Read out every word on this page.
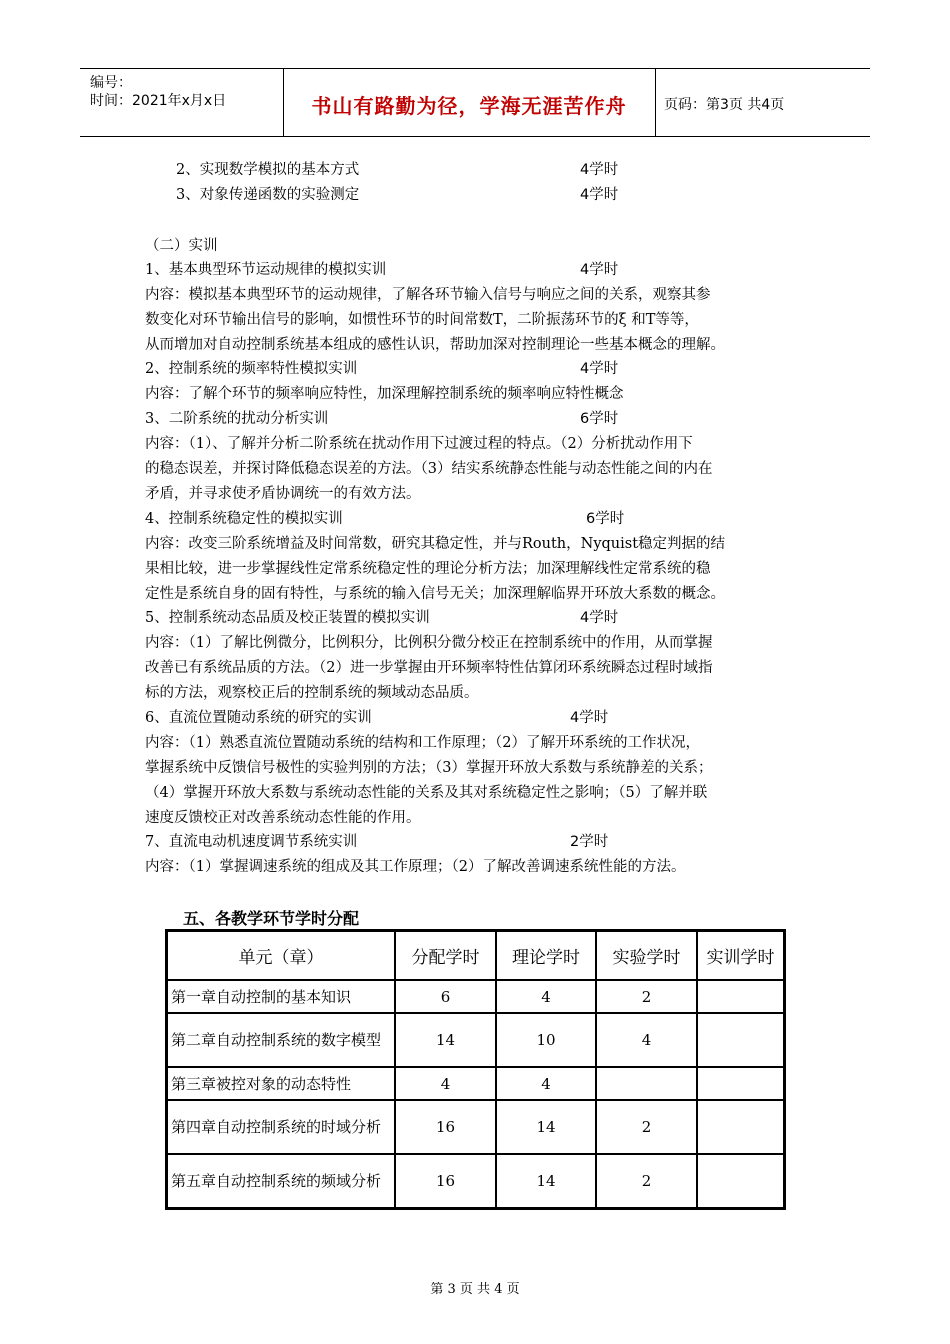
编号：
时间：2021年x月x日	书山有路勤为径，学海无涯苦作舟	页码：第3页 共4页
2、实现数学模拟的基本方式	4学时
3、对象传递函数的实验测定	4学时
（二）实训
1、基本典型环节运动规律的模拟实训	4学时
内容：模拟基本典型环节的运动规律，了解各环节输入信号与响应之间的关系，观察其参
数变化对环节输出信号的影响，如惯性环节的时间常数T，二阶振荡环节的ξ 和T等等，
从而增加对自动控制系统基本组成的感性认识，帮助加深对控制理论一些基本概念的理解。
2、控制系统的频率特性模拟实训	4学时
内容：了解个环节的频率响应特性，加深理解控制系统的频率响应特性概念
3、二阶系统的扰动分析实训	6学时
内容：（1）、了解并分析二阶系统在扰动作用下过渡过程的特点。（2）分析扰动作用下
的稳态误差，并探讨降低稳态误差的方法。（3）结实系统静态性能与动态性能之间的内在
矛盾，并寻求使矛盾协调统一的有效方法。
4、控制系统稳定性的模拟实训	6学时
内容：改变三阶系统增益及时间常数，研究其稳定性，并与Routh，Nyquist稳定判据的结
果相比较，进一步掌握线性定常系统稳定性的理论分析方法；加深理解线性定常系统的稳
定性是系统自身的固有特性，与系统的输入信号无关；加深理解临界开环放大系数的概念。
5、控制系统动态品质及校正装置的模拟实训	4学时
内容：（1）了解比例微分，比例积分，比例积分微分校正在控制系统中的作用，从而掌握
改善已有系统品质的方法。（2）进一步掌握由开环频率特性估算闭环系统瞬态过程时域指
标的方法，观察校正后的控制系统的频域动态品质。
6、直流位置随动系统的研究的实训	4学时
内容：（1）熟悉直流位置随动系统的结构和工作原理；（2）了解开环系统的工作状况，
掌握系统中反馈信号极性的实验判别的方法；（3）掌握开环放大系数与系统静差的关系；
（4）掌握开环放大系数与系统动态性能的关系及其对系统稳定性之影响；（5）了解并联
速度反馈校正对改善系统动态性能的作用。
7、直流电动机速度调节系统实训	2学时
内容：（1）掌握调速系统的组成及其工作原理；（2）了解改善调速系统性能的方法。
五、各教学环节学时分配
单元（章）	分配学时	理论学时	实验学时	实训学时
第一章自动控制的基本知识	6	4	2	
第二章自动控制系统的数字模型	14	10	4	
第三章被控对象的动态特性	4	4		
第四章自动控制系统的时域分析	16	14	2	
第五章自动控制系统的频域分析	16	14	2	
第 3 页 共 4 页
